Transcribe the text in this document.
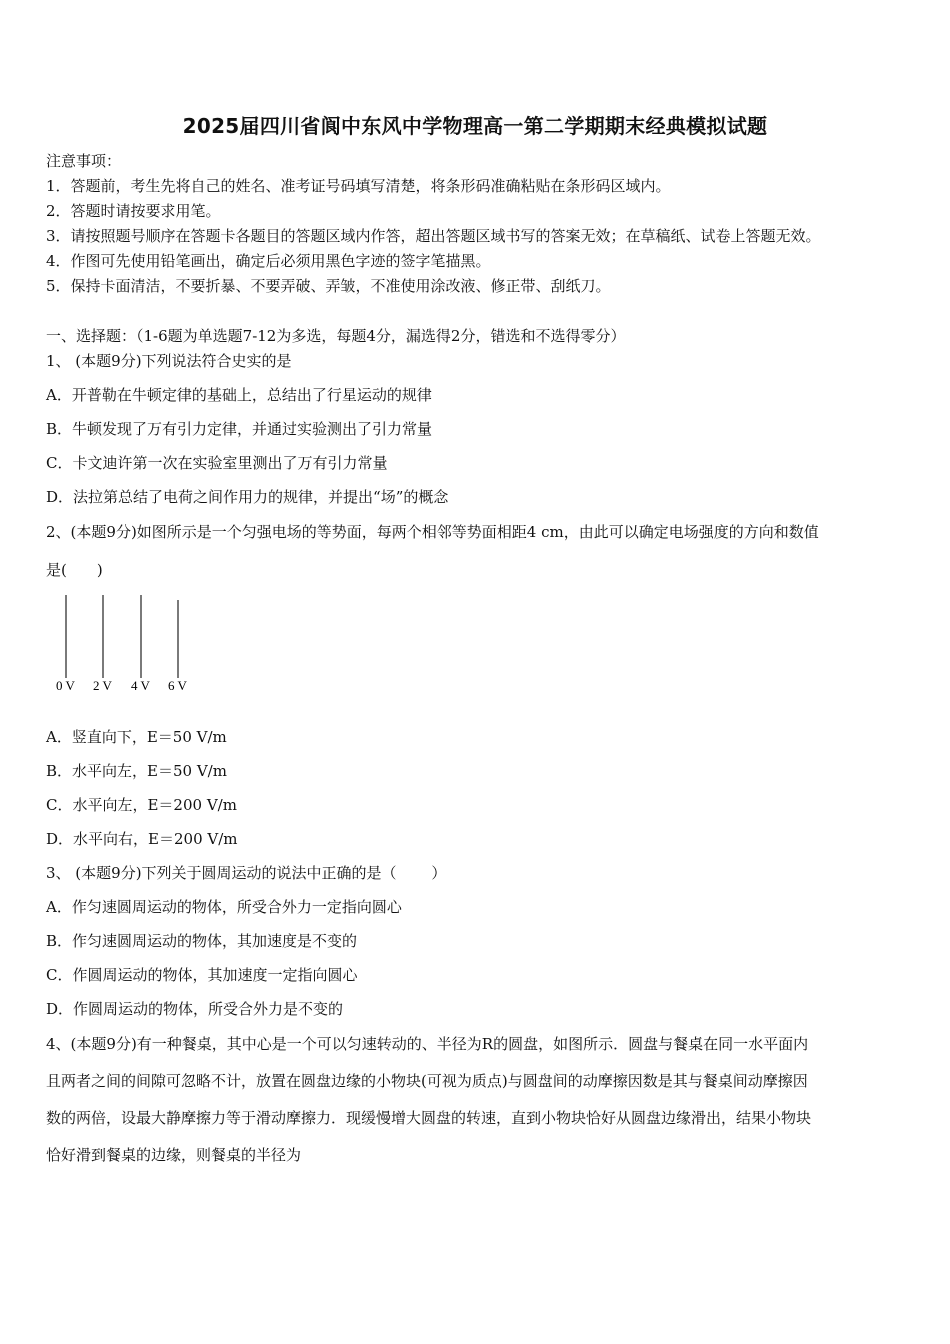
2025届四川省阆中东风中学物理高一第二学期期末经典模拟试题
注意事项：
1．答题前，考生先将自己的姓名、准考证号码填写清楚，将条形码准确粘贴在条形码区域内。
2．答题时请按要求用笔。
3．请按照题号顺序在答题卡各题目的答题区域内作答，超出答题区域书写的答案无效；在草稿纸、试卷上答题无效。
4．作图可先使用铅笔画出，确定后必须用黑色字迹的签字笔描黑。
5．保持卡面清洁，不要折暴、不要弄破、弄皱，不准使用涂改液、修正带、刮纸刀。
一、选择题：（1-6题为单选题7-12为多选，每题4分，漏选得2分，错选和不选得零分）
1、 (本题9分)下列说法符合史实的是
A．开普勒在牛顿定律的基础上，总结出了行星运动的规律
B．牛顿发现了万有引力定律，并通过实验测出了引力常量
C．卡文迪许第一次在实验室里测出了万有引力常量
D．法拉第总结了电荷之间作用力的规律，并提出“场”的概念
2、(本题9分)如图所示是一个匀强电场的等势面，每两个相邻等势面相距4 cm，由此可以确定电场强度的方向和数值
是(　　)
0 V 2 V 4 V 6 V
A．竖直向下，E＝50 V/m
B．水平向左，E＝50 V/m
C．水平向左，E＝200 V/m
D．水平向右，E＝200 V/m
3、 (本题9分)下列关于圆周运动的说法中正确的是（　　 ）
A．作匀速圆周运动的物体，所受合外力一定指向圆心
B．作匀速圆周运动的物体，其加速度是不变的
C．作圆周运动的物体，其加速度一定指向圆心
D．作圆周运动的物体，所受合外力是不变的
4、(本题9分)有一种餐桌，其中心是一个可以匀速转动的、半径为R的圆盘，如图所示．圆盘与餐桌在同一水平面内
且两者之间的间隙可忽略不计，放置在圆盘边缘的小物块(可视为质点)与圆盘间的动摩擦因数是其与餐桌间动摩擦因
数的两倍，设最大静摩擦力等于滑动摩擦力．现缓慢增大圆盘的转速，直到小物块恰好从圆盘边缘滑出，结果小物块
恰好滑到餐桌的边缘，则餐桌的半径为
